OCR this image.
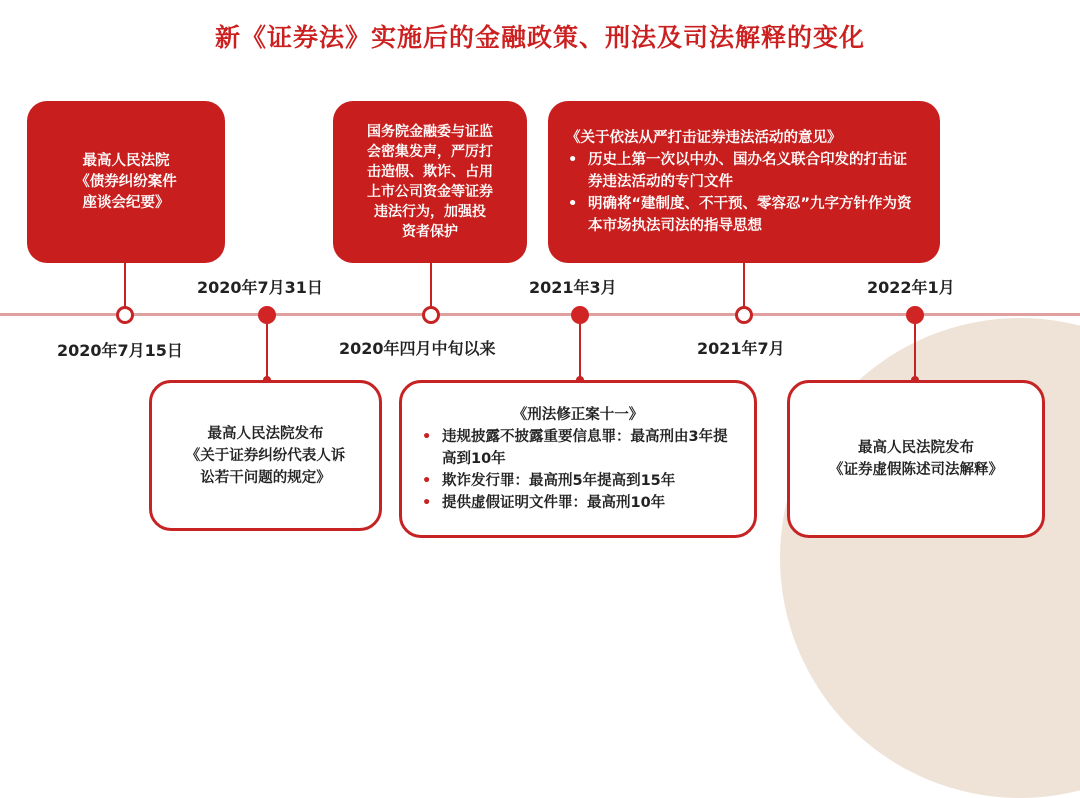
新《证券法》实施后的金融政策、刑法及司法解释的变化
2020年7月15日
2020年7月31日
2020年四月中旬以来
2021年3月
2021年7月
2022年1月
最高人民法院
《债券纠纷案件
座谈会纪要》
最高人民法院发布
《关于证券纠纷代表人诉
讼若干问题的规定》
国务院金融委与证监
会密集发声，严厉打
击造假、欺诈、占用
上市公司资金等证券
违法行为，加强投
资者保护
《刑法修正案十一》
• 违规披露不披露重要信息罪：最高刑由3年提高到10年
• 欺诈发行罪：最高刑5年提高到15年
• 提供虚假证明文件罪：最高刑10年
《关于依法从严打击证券违法活动的意见》
• 历史上第一次以中办、国办名义联合印发的打击证券违法活动的专门文件
• 明确将“建制度、不干预、零容忍”九字方针作为资本市场执法司法的指导思想
最高人民法院发布
《证券虚假陈述司法解释》
